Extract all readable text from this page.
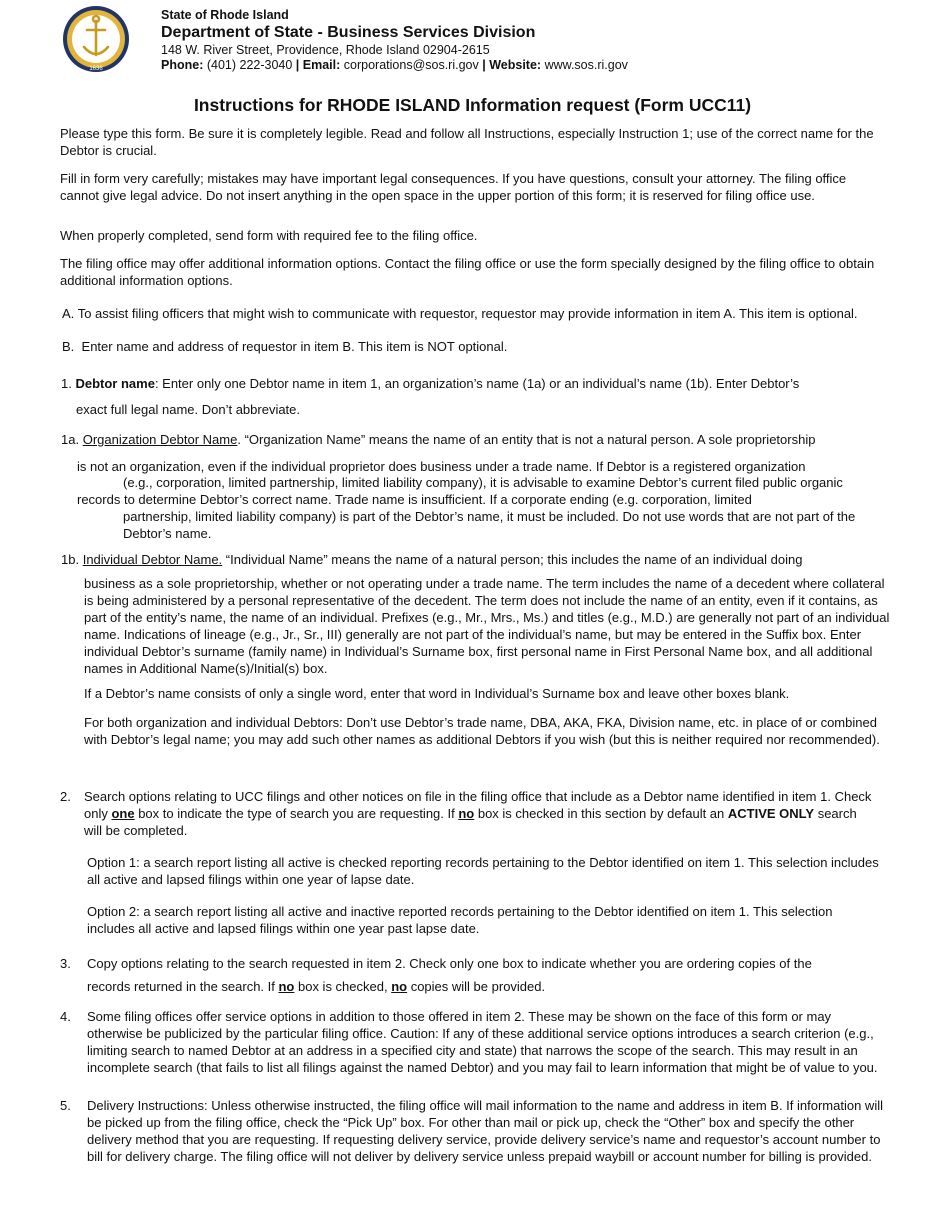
1636
State of Rhode Island
Department of State - Business Services Division
148 W. River Street, Providence, Rhode Island 02904-2615
Phone: (401) 222-3040 | Email: corporations@sos.ri.gov | Website: www.sos.ri.gov
Instructions for RHODE ISLAND Information request (Form UCC11)

Please type this form. Be sure it is completely legible. Read and follow all Instructions, especially Instruction 1; use of the correct name for the Debtor is crucial.

Fill in form very carefully; mistakes may have important legal consequences. If you have questions, consult your attorney. The filing office cannot give legal advice. Do not insert anything in the open space in the upper portion of this form; it is reserved for filing office use.

When properly completed, send form with required fee to the filing office.

The filing office may offer additional information options. Contact the filing office or use the form specially designed by the filing office to obtain additional information options.

A. To assist filing officers that might wish to communicate with requestor, requestor may provide information in item A. This item is optional.
B. Enter name and address of requestor in item B. This item is NOT optional.
1. Debtor name: Enter only one Debtor name in item 1, an organization’s name (1a) or an individual’s name (1b). Enter Debtor’s
exact full legal name. Don’t abbreviate.
1a. Organization Debtor Name. “Organization Name” means the name of an entity that is not a natural person. A sole proprietorship
is not an organization, even if the individual proprietor does business under a trade name. If Debtor is a registered organization
(e.g., corporation, limited partnership, limited liability company), it is advisable to examine Debtor’s current filed public organic
records to determine Debtor’s correct name. Trade name is insufficient. If a corporate ending (e.g. corporation, limited
partnership, limited liability company) is part of the Debtor’s name, it must be included. Do not use words that are not part of the
Debtor’s name.
1b. Individual Debtor Name. “Individual Name” means the name of a natural person; this includes the name of an individual doing

business as a sole proprietorship, whether or not operating under a trade name. The term includes the name of a decedent where collateral is being administered by a personal representative of the decedent. The term does not include the name of an entity, even if it contains, as part of the entity’s name, the name of an individual. Prefixes (e.g., Mr., Mrs., Ms.) and titles (e.g., M.D.) are generally not part of an individual name. Indications of lineage (e.g., Jr., Sr., III) generally are not part of the individual’s name, but may be entered in the Suffix box. Enter individual Debtor’s surname (family name) in Individual’s Surname box, first personal name in First Personal Name box, and all additional names in Additional Name(s)/Initial(s) box.

If a Debtor’s name consists of only a single word, enter that word in Individual’s Surname box and leave other boxes blank.

For both organization and individual Debtors: Don’t use Debtor’s trade name, DBA, AKA, FKA, Division name, etc. in place of or combined with Debtor’s legal name; you may add such other names as additional Debtors if you wish (but this is neither required nor recommended).

2. Search options relating to UCC filings and other notices on file in the filing office that include as a Debtor name identified in item 1. Check only one box to indicate the type of search you are requesting. If no box is checked in this section by default an ACTIVE ONLY search will be completed.

Option 1: a search report listing all active is checked reporting records pertaining to the Debtor identified on item 1. This selection includes all active and lapsed filings within one year of lapse date.

Option 2: a search report listing all active and inactive reported records pertaining to the Debtor identified on item 1. This selection includes all active and lapsed filings within one year past lapse date.

3. Copy options relating to the search requested in item 2. Check only one box to indicate whether you are ordering copies of the
records returned in the search. If no box is checked, no copies will be provided.
4. Some filing offices offer service options in addition to those offered in item 2. These may be shown on the face of this form or may otherwise be publicized by the particular filing office. Caution: If any of these additional service options introduces a search criterion (e.g., limiting search to named Debtor at an address in a specified city and state) that narrows the scope of the search. This may result in an incomplete search (that fails to list all filings against the named Debtor) and you may fail to learn information that might be of value to you.

5. Delivery Instructions: Unless otherwise instructed, the filing office will mail information to the name and address in item B. If information will be picked up from the filing office, check the “Pick Up” box. For other than mail or pick up, check the “Other” box and specify the other delivery method that you are requesting. If requesting delivery service, provide delivery service’s name and requestor’s account number to bill for delivery charge. The filing office will not deliver by delivery service unless prepaid waybill or account number for billing is provided.
